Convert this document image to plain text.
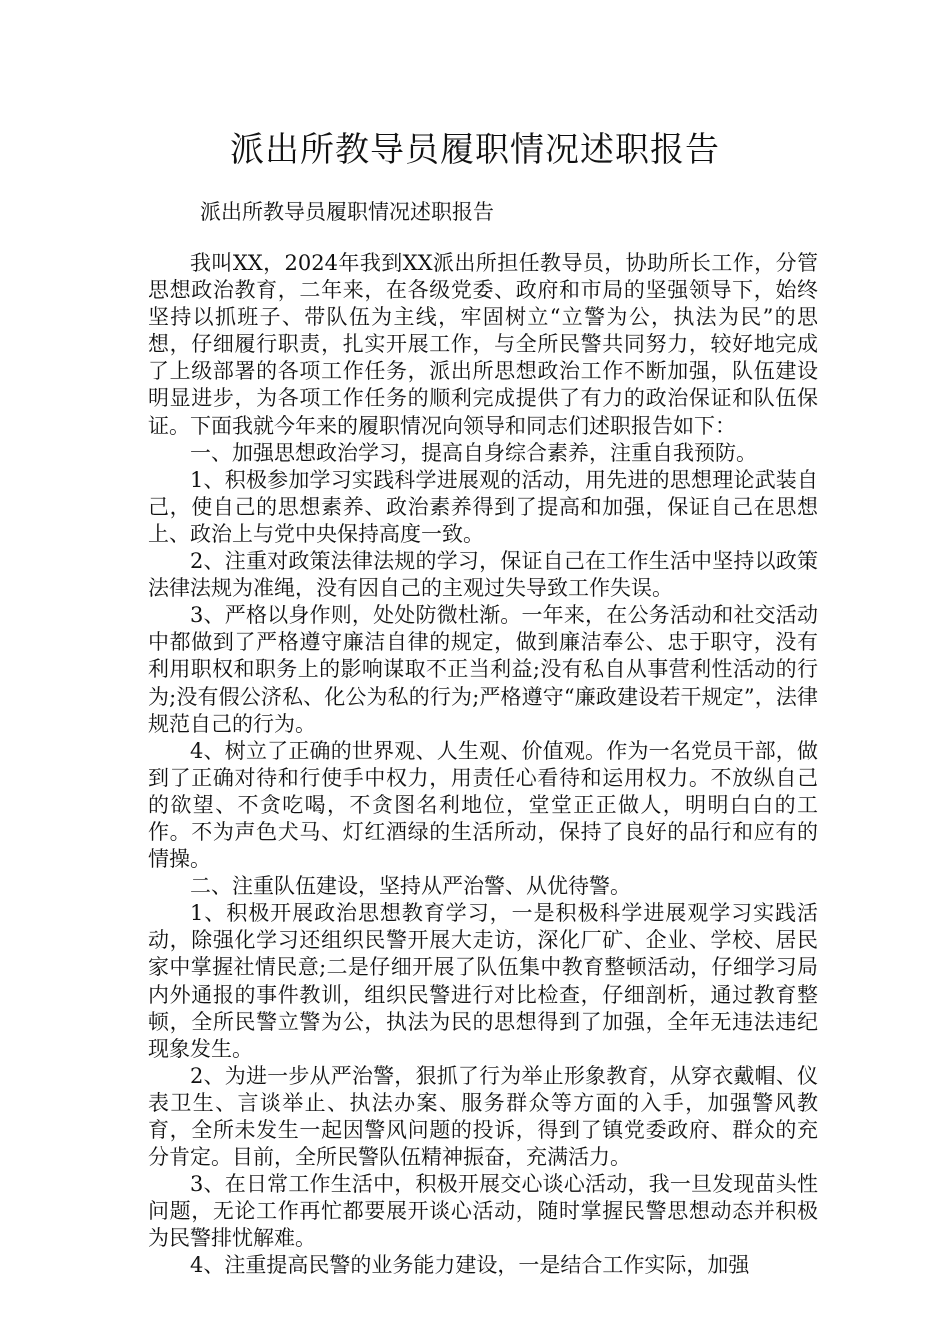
派出所教导员履职情况述职报告

派出所教导员履职情况述职报告

我叫XX，2024年我到XX派出所担任教导员，协助所长工作，分管思想政治教育，二年来，在各级党委、政府和市局的坚强领导下，始终坚持以抓班子、带队伍为主线，牢固树立“立警为公，执法为民”的思想，仔细履行职责，扎实开展工作，与全所民警共同努力，较好地完成了上级部署的各项工作任务，派出所思想政治工作不断加强，队伍建设明显进步，为各项工作任务的顺利完成提供了有力的政治保证和队伍保证。下面我就今年来的履职情况向领导和同志们述职报告如下：

一、加强思想政治学习，提高自身综合素养，注重自我预防。

1、积极参加学习实践科学进展观的活动，用先进的思想理论武装自己，使自己的思想素养、政治素养得到了提高和加强，保证自己在思想上、政治上与党中央保持高度一致。

2、注重对政策法律法规的学习，保证自己在工作生活中坚持以政策法律法规为准绳，没有因自己的主观过失导致工作失误。

3、严格以身作则，处处防微杜渐。一年来，在公务活动和社交活动中都做到了严格遵守廉洁自律的规定，做到廉洁奉公、忠于职守，没有利用职权和职务上的影响谋取不正当利益;没有私自从事营利性活动的行为;没有假公济私、化公为私的行为;严格遵守“廉政建设若干规定”，法律规范自己的行为。

4、树立了正确的世界观、人生观、价值观。作为一名党员干部，做到了正确对待和行使手中权力，用责任心看待和运用权力。不放纵自己的欲望、不贪吃喝，不贪图名利地位，堂堂正正做人，明明白白的工作。不为声色犬马、灯红酒绿的生活所动，保持了良好的品行和应有的情操。

二、注重队伍建设，坚持从严治警、从优待警。

1、积极开展政治思想教育学习，一是积极科学进展观学习实践活动，除强化学习还组织民警开展大走访，深化厂矿、企业、学校、居民家中掌握社情民意;二是仔细开展了队伍集中教育整顿活动，仔细学习局内外通报的事件教训，组织民警进行对比检查，仔细剖析，通过教育整顿，全所民警立警为公，执法为民的思想得到了加强，全年无违法违纪现象发生。

2、为进一步从严治警，狠抓了行为举止形象教育，从穿衣戴帽、仪表卫生、言谈举止、执法办案、服务群众等方面的入手，加强警风教育，全所未发生一起因警风问题的投诉，得到了镇党委政府、群众的充分肯定。目前，全所民警队伍精神振奋，充满活力。

3、在日常工作生活中，积极开展交心谈心活动，我一旦发现苗头性问题，无论工作再忙都要展开谈心活动，随时掌握民警思想动态并积极为民警排忧解难。

4、注重提高民警的业务能力建设，一是结合工作实际，加强
